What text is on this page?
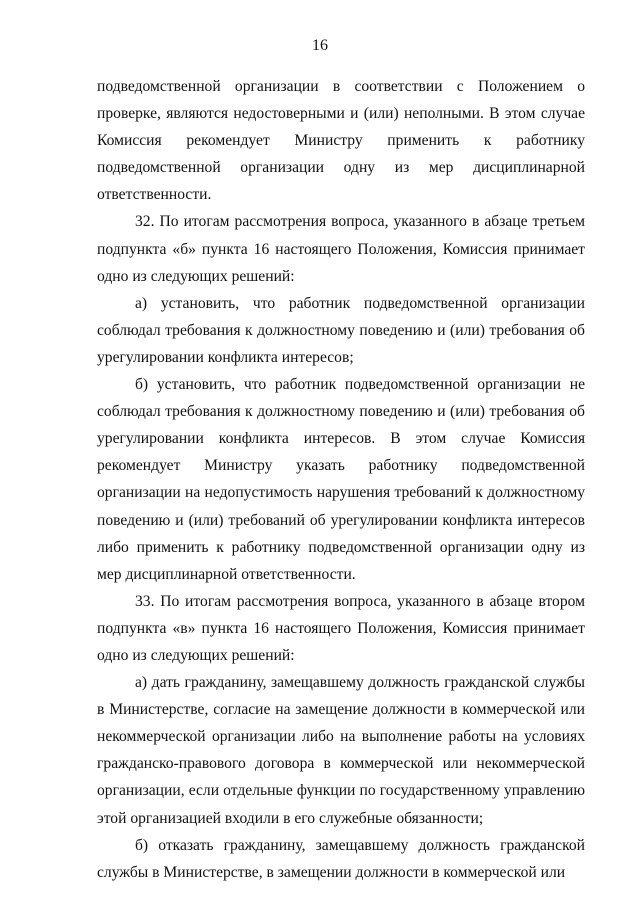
16

подведомственной организации в соответствии с Положением о проверке, являются недостоверными и (или) неполными. В этом случае Комиссия рекомендует Министру применить к работнику подведомственной организации одну из мер дисциплинарной ответственности.

32. По итогам рассмотрения вопроса, указанного в абзаце третьем подпункта «б» пункта 16 настоящего Положения, Комиссия принимает одно из следующих решений:

а) установить, что работник подведомственной организации соблюдал требования к должностному поведению и (или) требования об урегулировании конфликта интересов;

б) установить, что работник подведомственной организации не соблюдал требования к должностному поведению и (или) требования об урегулировании конфликта интересов. В этом случае Комиссия рекомендует Министру указать работнику подведомственной организации на недопустимость нарушения требований к должностному поведению и (или) требований об урегулировании конфликта интересов либо применить к работнику подведомственной организации одну из мер дисциплинарной ответственности.

33. По итогам рассмотрения вопроса, указанного в абзаце втором подпункта «в» пункта 16 настоящего Положения, Комиссия принимает одно из следующих решений:

а) дать гражданину, замещавшему должность гражданской службы в Министерстве, согласие на замещение должности в коммерческой или некоммерческой организации либо на выполнение работы на условиях гражданско-правового договора в коммерческой или некоммерческой организации, если отдельные функции по государственному управлению этой организацией входили в его служебные обязанности;

б) отказать гражданину, замещавшему должность гражданской службы в Министерстве, в замещении должности в коммерческой или
